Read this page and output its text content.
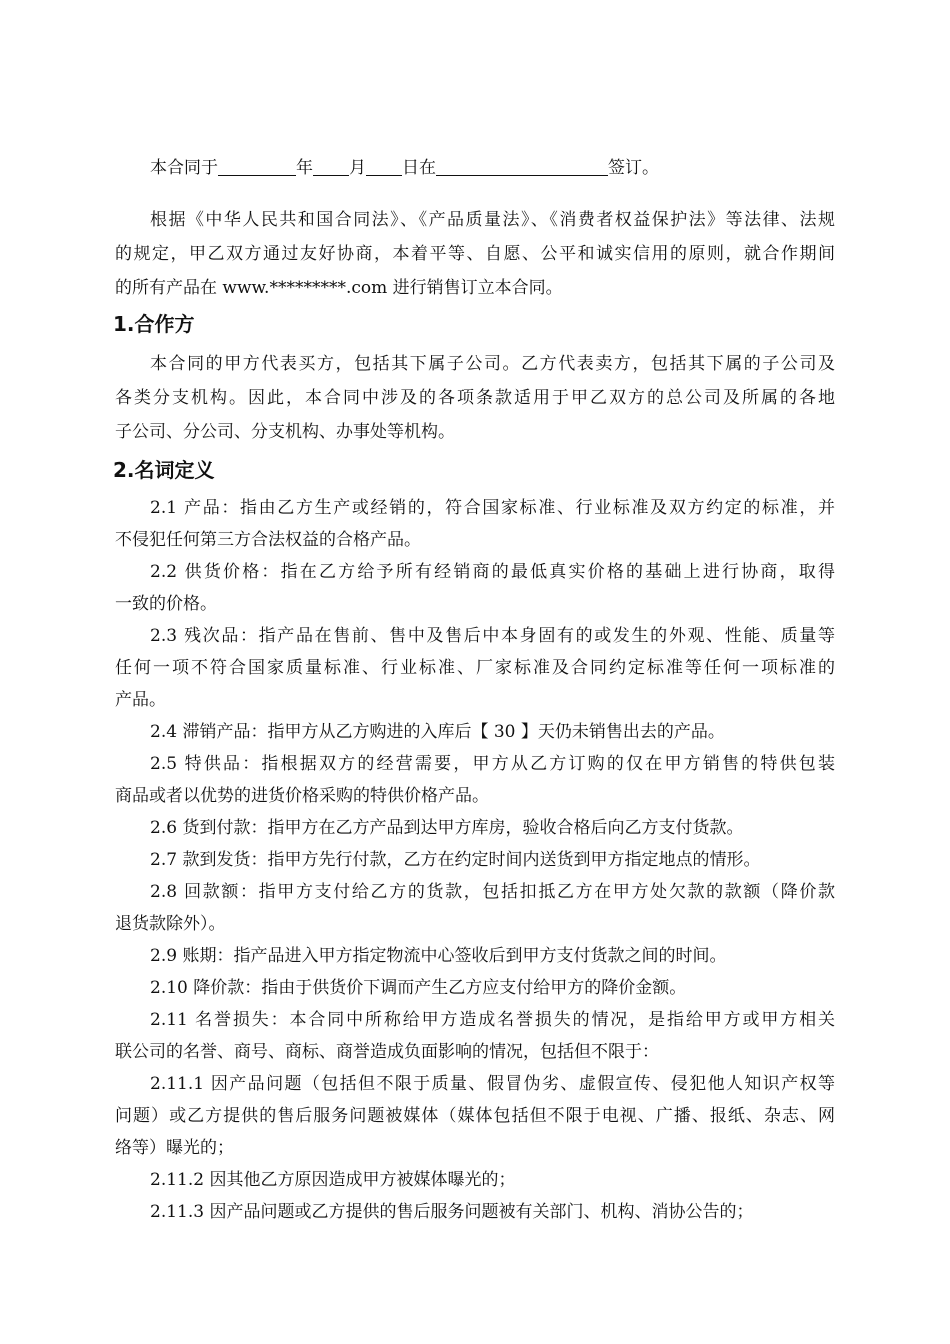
本合同于	年 月 日在	签订。
根据《中华人民共和国合同法》、《产品质量法》、《消费者权益保护法》等法律、法规
的规定，甲乙双方通过友好协商，本着平等、自愿、公平和诚实信用的原则，就合作期间
的所有产品在 www.*********.com 进行销售订立本合同。
1.合作方
本合同的甲方代表买方，包括其下属子公司。乙方代表卖方，包括其下属的子公司及
各类分支机构。因此，本合同中涉及的各项条款适用于甲乙双方的总公司及所属的各地
子公司、分公司、分支机构、办事处等机构。
2.名词定义
2.1 产品：指由乙方生产或经销的，符合国家标准、行业标准及双方约定的标准，并
不侵犯任何第三方合法权益的合格产品。
2.2 供货价格：指在乙方给予所有经销商的最低真实价格的基础上进行协商，取得
一致的价格。
2.3 残次品：指产品在售前、售中及售后中本身固有的或发生的外观、性能、质量等
任何一项不符合国家质量标准、行业标准、厂家标准及合同约定标准等任何一项标准的
产品。
2.4 滞销产品：指甲方从乙方购进的入库后【 30 】天仍未销售出去的产品。
2.5 特供品：指根据双方的经营需要，甲方从乙方订购的仅在甲方销售的特供包装
商品或者以优势的进货价格采购的特供价格产品。
2.6 货到付款：指甲方在乙方产品到达甲方库房，验收合格后向乙方支付货款。
2.7 款到发货：指甲方先行付款，乙方在约定时间内送货到甲方指定地点的情形。
2.8 回款额：指甲方支付给乙方的货款，包括扣抵乙方在甲方处欠款的款额（降价款
退货款除外）。
2.9 账期：指产品进入甲方指定物流中心签收后到甲方支付货款之间的时间。
2.10 降价款：指由于供货价下调而产生乙方应支付给甲方的降价金额。
2.11 名誉损失：本合同中所称给甲方造成名誉损失的情况，是指给甲方或甲方相关
联公司的名誉、商号、商标、商誉造成负面影响的情况，包括但不限于：
2.11.1 因产品问题（包括但不限于质量、假冒伪劣、虚假宣传、侵犯他人知识产权等
问题）或乙方提供的售后服务问题被媒体（媒体包括但不限于电视、广播、报纸、杂志、网
络等）曝光的；
2.11.2 因其他乙方原因造成甲方被媒体曝光的；
2.11.3 因产品问题或乙方提供的售后服务问题被有关部门、机构、消协公告的；
